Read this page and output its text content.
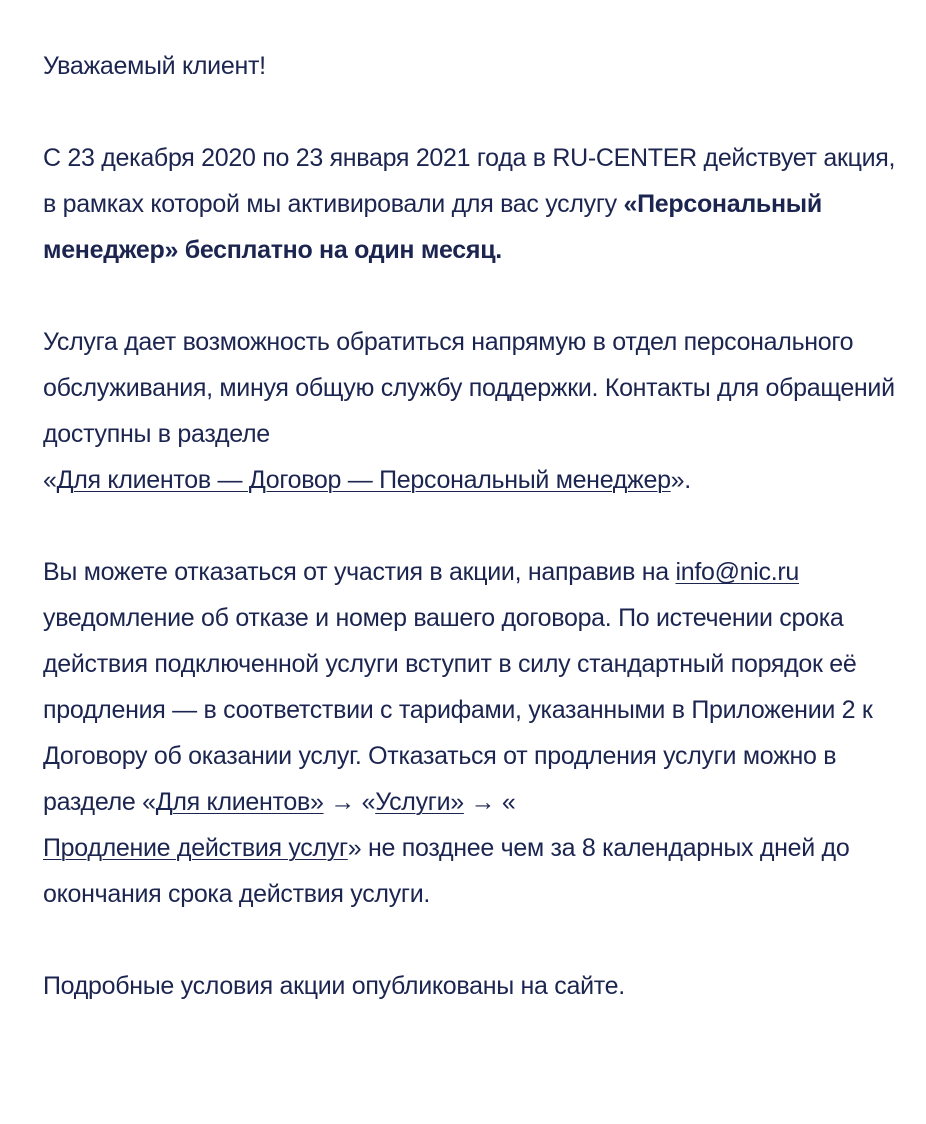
Уважаемый клиент!

С 23 декабря 2020 по 23 января 2021 года в RU-CENTER действует акция, в рамках которой мы активировали для вас услугу «Персональный менеджер» бесплатно на один месяц.

Услуга дает возможность обратиться напрямую в отдел персонального обслуживания, минуя общую службу поддержки. Контакты для обращений доступны в разделе
«Для клиентов — Договор — Персональный менеджер».

Вы можете отказаться от участия в акции, направив на info@nic.ru уведомление об отказе и номер вашего договора. По истечении срока действия подключенной услуги вступит в силу стандартный порядок её продления — в соответствии с тарифами, указанными в Приложении 2 к Договору об оказании услуг. Отказаться от продления услуги можно в разделе «Для клиентов» → «Услуги» → «
Продление действия услуг» не позднее чем за 8 календарных дней до окончания срока действия услуги.

Подробные условия акции опубликованы на сайте.
